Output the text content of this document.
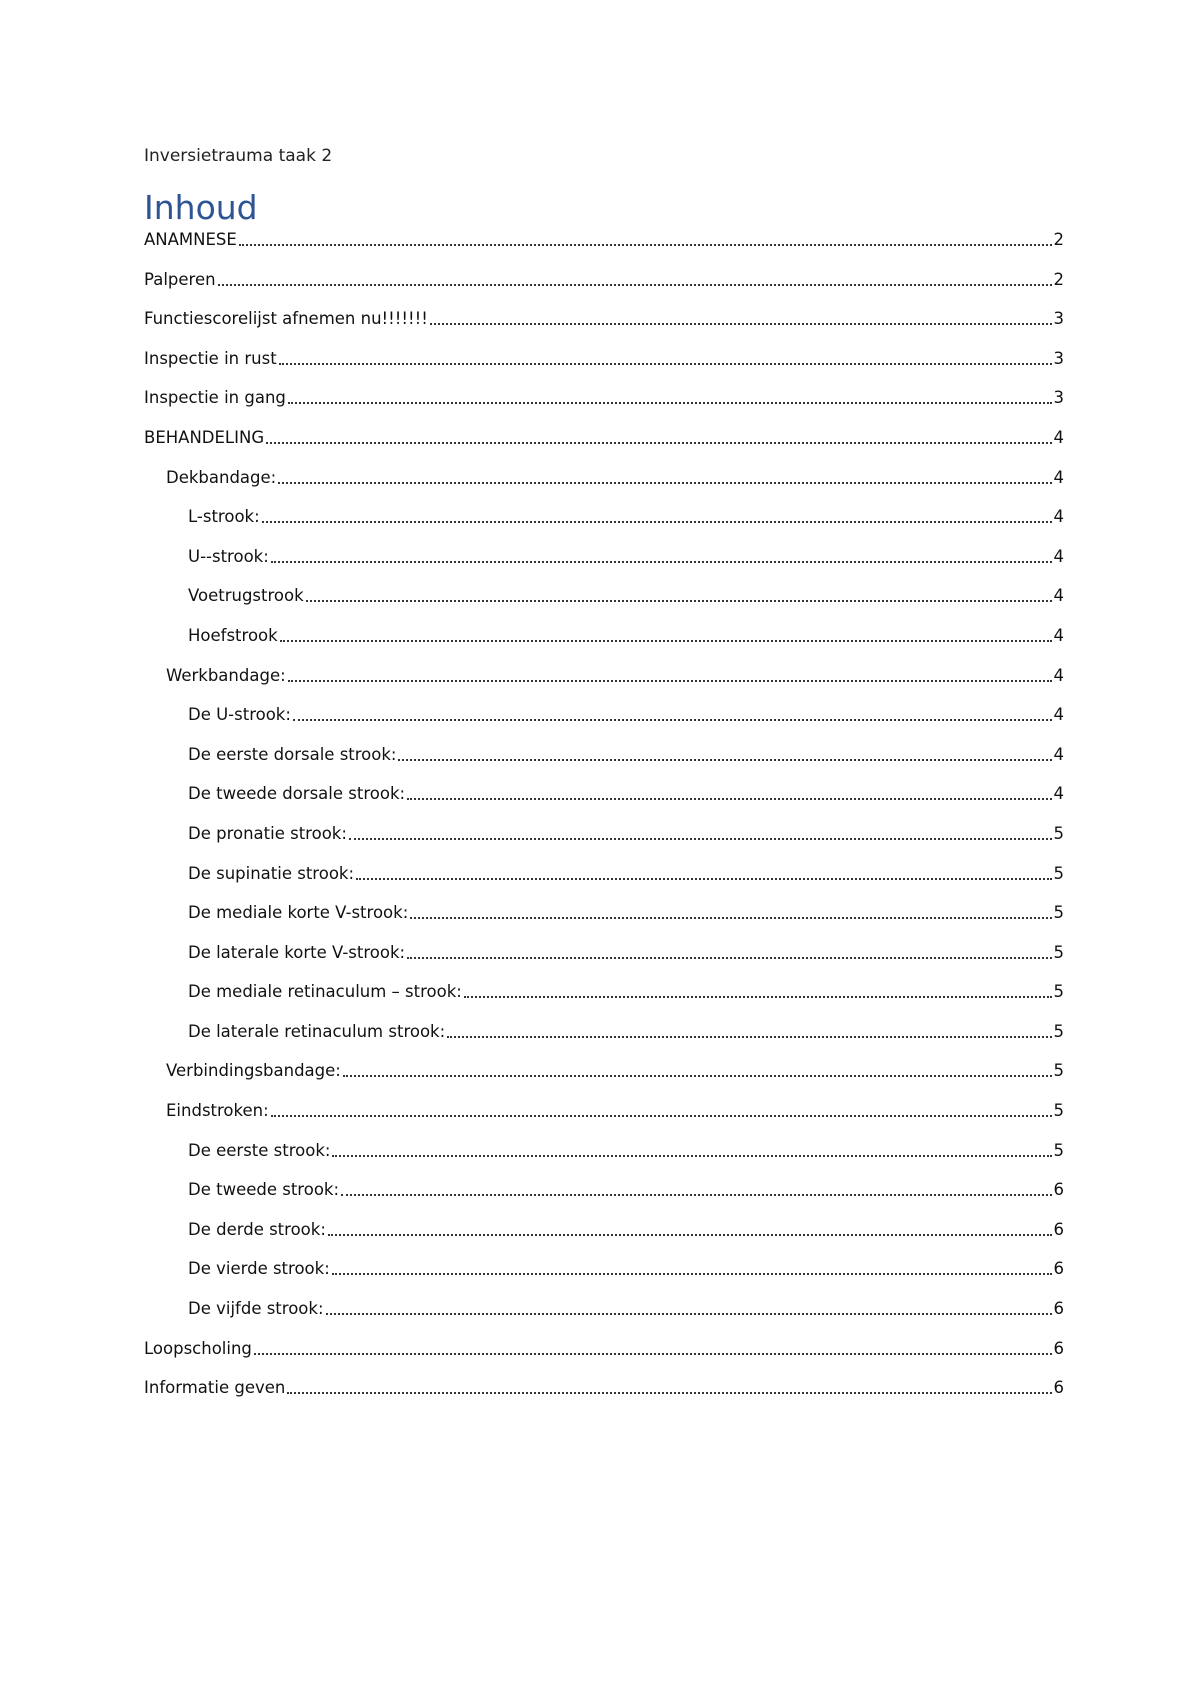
Inversietrauma taak 2
Inhoud
ANAMNESE	2
Palperen	2
Functiescorelijst afnemen nu!!!!!!!	3
Inspectie in rust	3
Inspectie in gang	3
BEHANDELING	4
Dekbandage:	4
L-strook:	4
U--strook:	4
Voetrugstrook	4
Hoefstrook	4
Werkbandage:	4
De U-strook:	4
De eerste dorsale strook:	4
De tweede dorsale strook:	4
De pronatie strook:	5
De supinatie strook:	5
De mediale korte V-strook:	5
De laterale korte V-strook:	5
De mediale retinaculum – strook:	5
De laterale retinaculum strook:	5
Verbindingsbandage:	5
Eindstroken:	5
De eerste strook:	5
De tweede strook:	6
De derde strook:	6
De vierde strook:	6
De vijfde strook:	6
Loopscholing	6
Informatie geven	6
